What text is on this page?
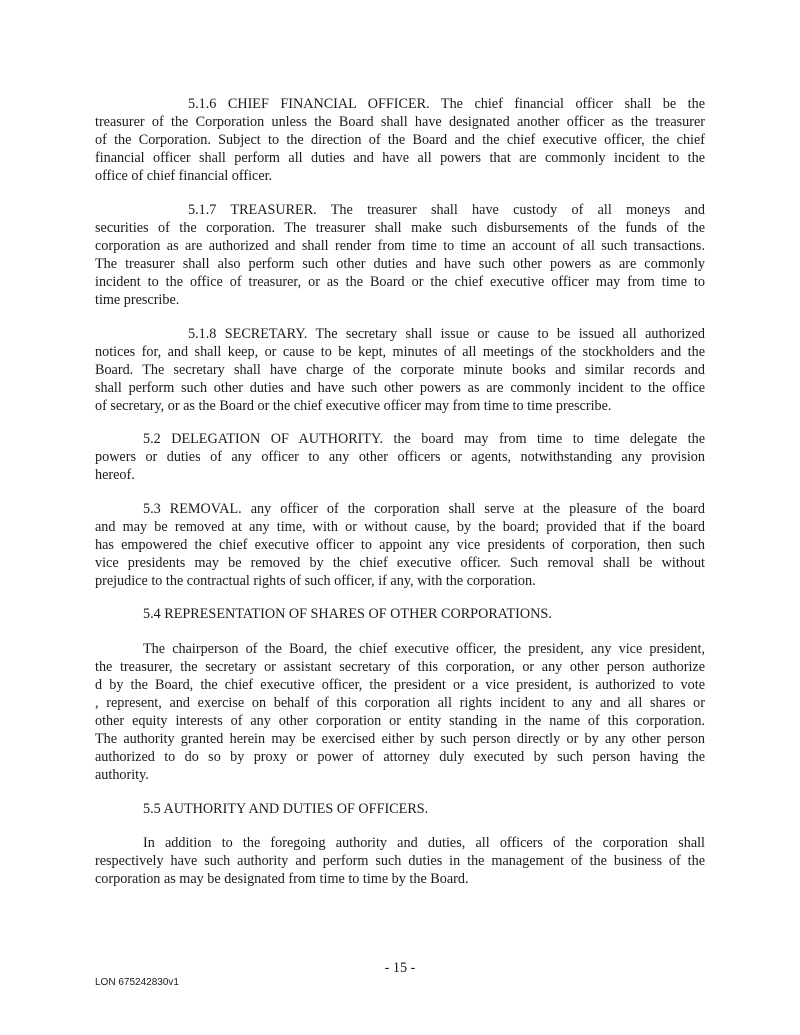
5.1.6 CHIEF FINANCIAL OFFICER. The chief financial officer shall be the
treasurer of the Corporation unless the Board shall have designated another officer as the treasurer
of the Corporation. Subject to the direction of the Board and the chief executive officer, the chief
financial officer shall perform all duties and have all powers that are commonly incident to the
office of chief financial officer.
5.1.7 TREASURER. The treasurer shall have custody of all moneys and
securities of the corporation. The treasurer shall make such disbursements of the funds of the
corporation as are authorized and shall render from time to time an account of all such transactions.
The treasurer shall also perform such other duties and have such other powers as are commonly
incident to the office of treasurer, or as the Board or the chief executive officer may from time to
time prescribe.
5.1.8 SECRETARY. The secretary shall issue or cause to be issued all authorized
notices for, and shall keep, or cause to be kept, minutes of all meetings of the stockholders and the
Board. The secretary shall have charge of the corporate minute books and similar records and
shall perform such other duties and have such other powers as are commonly incident to the office
of secretary, or as the Board or the chief executive officer may from time to time prescribe.
5.2 DELEGATION OF AUTHORITY. the board may from time to time delegate the
powers or duties of any officer to any other officers or agents, notwithstanding any provision
hereof.
5.3 REMOVAL. any officer of the corporation shall serve at the pleasure of the board
and may be removed at any time, with or without cause, by the board; provided that if the board
has empowered the chief executive officer to appoint any vice presidents of corporation, then such
vice presidents may be removed by the chief executive officer. Such removal shall be without
prejudice to the contractual rights of such officer, if any, with the corporation.
5.4 REPRESENTATION OF SHARES OF OTHER CORPORATIONS.
The chairperson of the Board, the chief executive officer, the president, any vice president,
the treasurer, the secretary or assistant secretary of this corporation, or any other person authorize
d by the Board, the chief executive officer, the president or a vice president, is authorized to vote
, represent, and exercise on behalf of this corporation all rights incident to any and all shares or
other equity interests of any other corporation or entity standing in the name of this corporation.
The authority granted herein may be exercised either by such person directly or by any other person
authorized to do so by proxy or power of attorney duly executed by such person having the
authority.
5.5 AUTHORITY AND DUTIES OF OFFICERS.
In addition to the foregoing authority and duties, all officers of the corporation shall
respectively have such authority and perform such duties in the management of the business of the
corporation as may be designated from time to time by the Board.
- 15 -
LON 675242830v1
